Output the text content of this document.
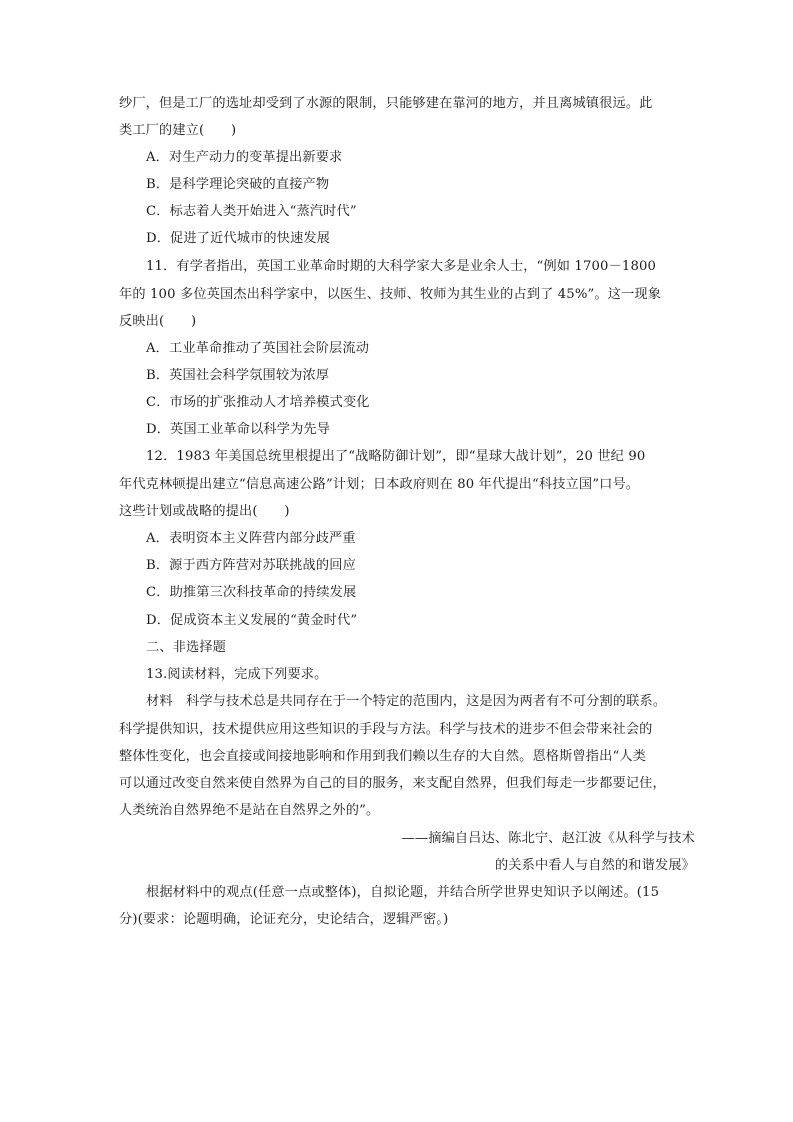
纱厂，但是工厂的选址却受到了水源的限制，只能够建在靠河的地方，并且离城镇很远。此
类工厂的建立(　　)
A．对生产动力的变革提出新要求
B．是科学理论突破的直接产物
C．标志着人类开始进入“蒸汽时代”
D．促进了近代城市的快速发展
11．有学者指出，英国工业革命时期的大科学家大多是业余人士，“例如 1700－1800
年的 100 多位英国杰出科学家中，以医生、技师、牧师为其生业的占到了 45%”。这一现象
反映出(　　)
A．工业革命推动了英国社会阶层流动
B．英国社会科学氛围较为浓厚
C．市场的扩张推动人才培养模式变化
D．英国工业革命以科学为先导
12．1983 年美国总统里根提出了“战略防御计划”，即“星球大战计划”，20 世纪 90
年代克林顿提出建立“信息高速公路”计划；日本政府则在 80 年代提出“科技立国”口号。
这些计划或战略的提出(　　)
A．表明资本主义阵营内部分歧严重
B．源于西方阵营对苏联挑战的回应
C．助推第三次科技革命的持续发展
D．促成资本主义发展的“黄金时代”
二、非选择题
13.阅读材料，完成下列要求。
材料　科学与技术总是共同存在于一个特定的范围内，这是因为两者有不可分割的联系。
科学提供知识，技术提供应用这些知识的手段与方法。科学与技术的进步不但会带来社会的
整体性变化，也会直接或间接地影响和作用到我们赖以生存的大自然。恩格斯曾指出“人类
可以通过改变自然来使自然界为自己的目的服务，来支配自然界，但我们每走一步都要记住，
人类统治自然界绝不是站在自然界之外的”。
——摘编自吕达、陈北宁、赵江波《从科学与技术
的关系中看人与自然的和谐发展》
根据材料中的观点(任意一点或整体)，自拟论题，并结合所学世界史知识予以阐述。(15
分)(要求：论题明确，论证充分，史论结合，逻辑严密。)
